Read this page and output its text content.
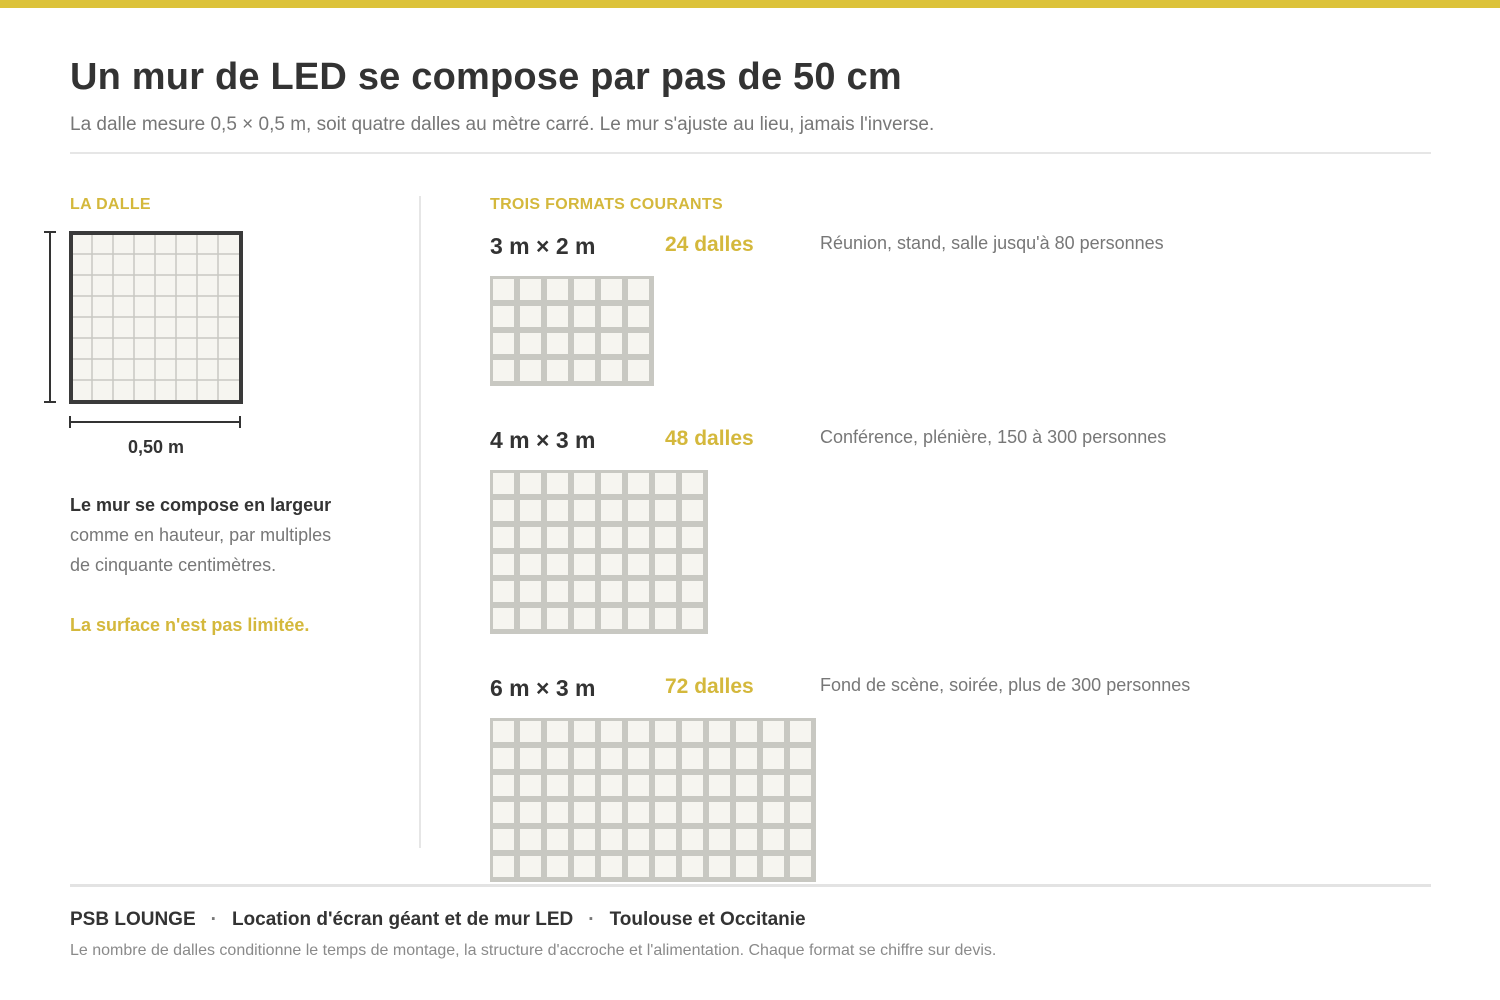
Un mur de LED se compose par pas de 50 cm

La dalle mesure 0,5 × 0,5 m, soit quatre dalles au mètre carré. Le mur s'ajuste au lieu, jamais l'inverse.

LA DALLE
0,50 m

Le mur se compose en largeur

comme en hauteur, par multiples

de cinquante centimètres.

La surface n'est pas limitée.

TROIS FORMATS COURANTS
3 m × 2 m	24 dalles	Réunion, stand, salle jusqu'à 80 personnes
4 m × 3 m	48 dalles	Conférence, plénière, 150 à 300 personnes
6 m × 3 m	72 dalles	Fond de scène, soirée, plus de 300 personnes

PSB LOUNGE · Location d'écran géant et de mur LED · Toulouse et Occitanie

Le nombre de dalles conditionne le temps de montage, la structure d'accroche et l'alimentation. Chaque format se chiffre sur devis.
